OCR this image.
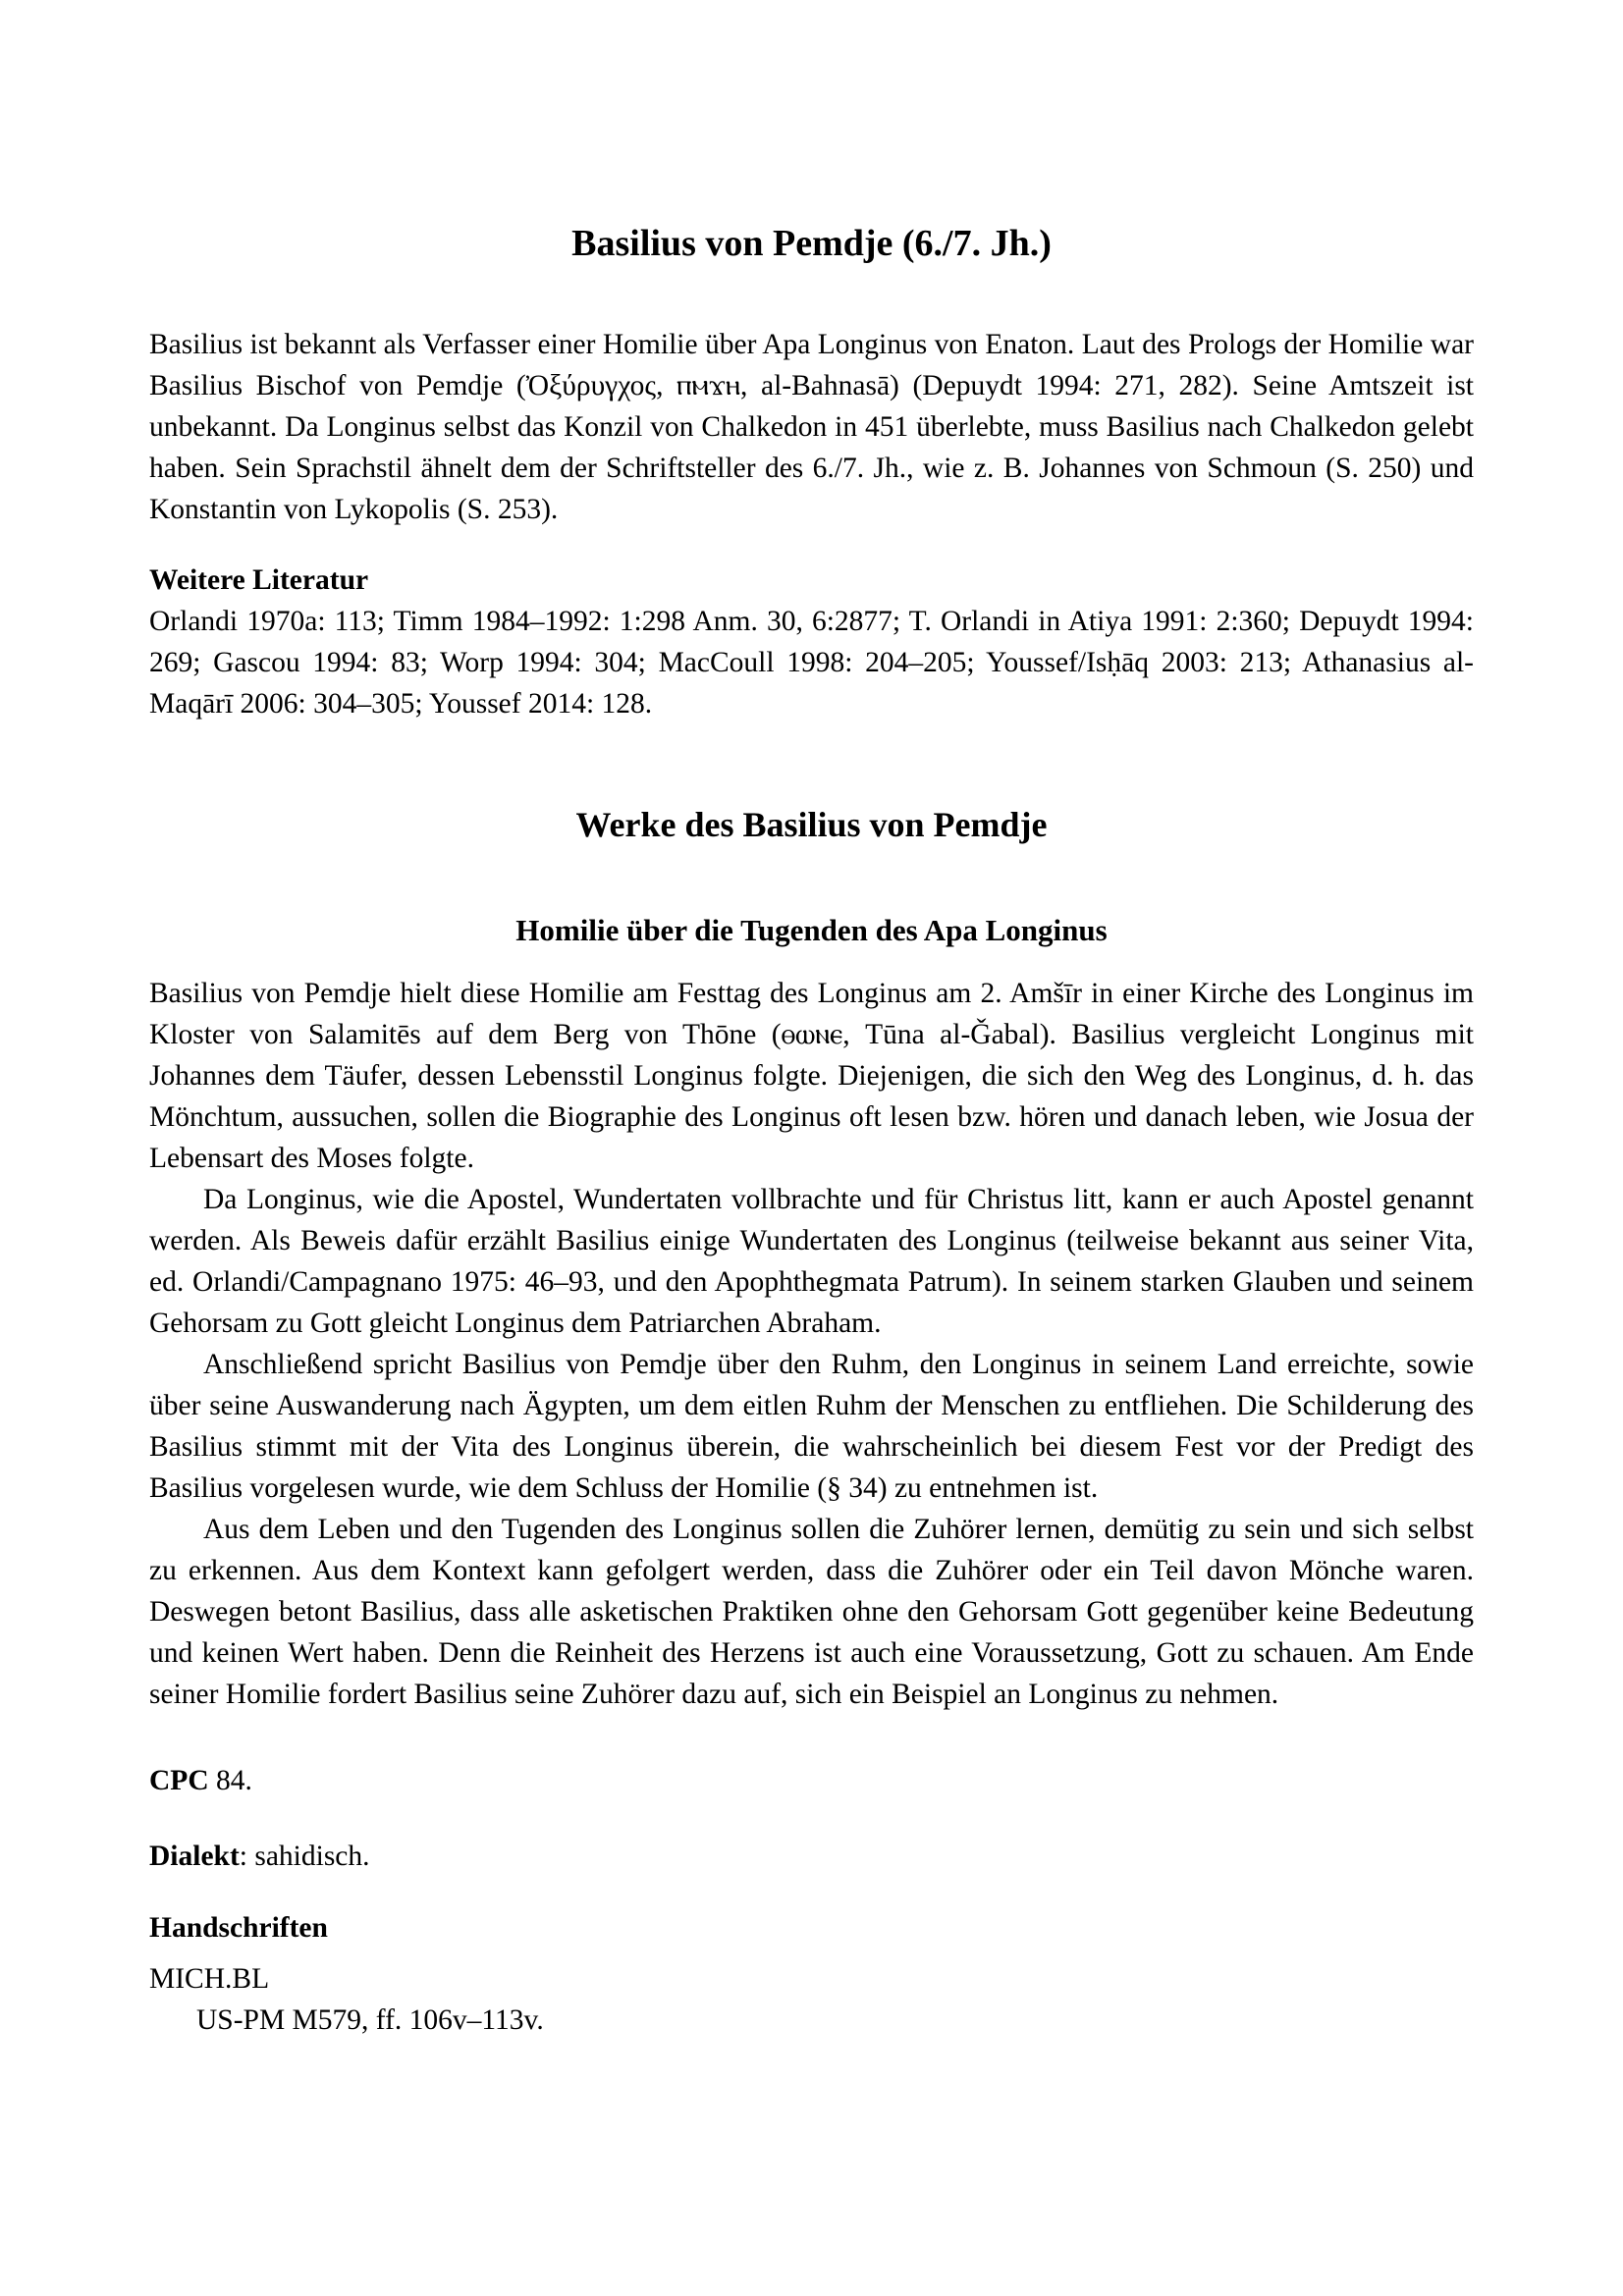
Basilius von Pemdje (6./7. Jh.)

Basilius ist bekannt als Verfasser einer Homilie über Apa Longinus von Enaton. Laut des Prologs der Homilie war Basilius Bischof von Pemdje (Ὀξύρυγχος, ⲡⲙϫⲏ, al-Bahnasā) (Depuydt 1994: 271, 282). Seine Amtszeit ist unbekannt. Da Longinus selbst das Konzil von Chalkedon in 451 überlebte, muss Basilius nach Chalkedon gelebt haben. Sein Sprachstil ähnelt dem der Schriftsteller des 6./7. Jh., wie z. B. Johannes von Schmoun (S. 250) und Konstantin von Lykopolis (S. 253).

Weitere Literatur

Orlandi 1970a: 113; Timm 1984–1992: 1:298 Anm. 30, 6:2877; T. Orlandi in Atiya 1991: 2:360; Depuydt 1994: 269; Gascou 1994: 83; Worp 1994: 304; MacCoull 1998: 204–205; Youssef/Isḥāq 2003: 213; Athanasius al-Maqārī 2006: 304–305; Youssef 2014: 128.

Werke des Basilius von Pemdje
Homilie über die Tugenden des Apa Longinus

Basilius von Pemdje hielt diese Homilie am Festtag des Longinus am 2. Amšīr in einer Kirche des Longinus im Kloster von Salamitēs auf dem Berg von Thōne (ⲑⲱⲛⲉ, Tūna al-Ǧabal). Basilius vergleicht Longinus mit Johannes dem Täufer, dessen Lebensstil Longinus folgte. Diejenigen, die sich den Weg des Longinus, d. h. das Mönchtum, aussuchen, sollen die Biographie des Longinus oft lesen bzw. hören und danach leben, wie Josua der Lebensart des Moses folgte.

Da Longinus, wie die Apostel, Wundertaten vollbrachte und für Christus litt, kann er auch Apostel genannt werden. Als Beweis dafür erzählt Basilius einige Wundertaten des Longinus (teilweise bekannt aus seiner Vita, ed. Orlandi/Campagnano 1975: 46–93, und den Apophthegmata Patrum). In seinem starken Glauben und seinem Gehorsam zu Gott gleicht Longinus dem Patriarchen Abraham.

Anschließend spricht Basilius von Pemdje über den Ruhm, den Longinus in seinem Land erreichte, sowie über seine Auswanderung nach Ägypten, um dem eitlen Ruhm der Menschen zu entfliehen. Die Schilderung des Basilius stimmt mit der Vita des Longinus überein, die wahrscheinlich bei diesem Fest vor der Predigt des Basilius vorgelesen wurde, wie dem Schluss der Homilie (§ 34) zu entnehmen ist.

Aus dem Leben und den Tugenden des Longinus sollen die Zuhörer lernen, demütig zu sein und sich selbst zu erkennen. Aus dem Kontext kann gefolgert werden, dass die Zuhörer oder ein Teil davon Mönche waren. Deswegen betont Basilius, dass alle asketischen Praktiken ohne den Gehorsam Gott gegenüber keine Bedeutung und keinen Wert haben. Denn die Reinheit des Herzens ist auch eine Voraussetzung, Gott zu schauen. Am Ende seiner Homilie fordert Basilius seine Zuhörer dazu auf, sich ein Beispiel an Longinus zu nehmen.

CPC 84.

Dialekt: sahidisch.

Handschriften

MICH.BL

US-PM M579, ff. 106v–113v.
